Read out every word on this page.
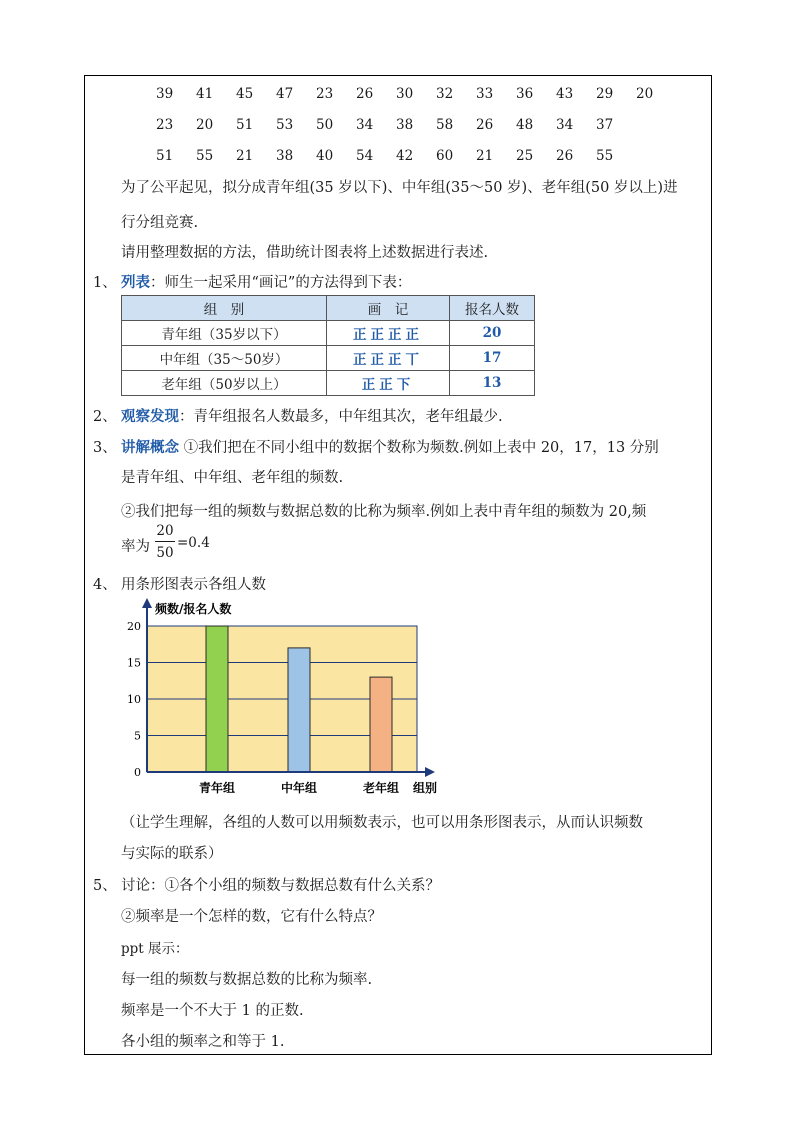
39 41 45 47 23 26 30 32 33 36 43 29 20
23 20 51 53 50 34 38 58 26 48 34 37
51 55 21 38 40 54 42 60 21 25 26 55
为了公平起见，拟分成青年组(35 岁以下)、中年组(35～50 岁)、老年组(50 岁以上)进
行分组竞赛.
请用整理数据的方法，借助统计图表将上述数据进行表述.
1、 列表：师生一起采用“画记”的方法得到下表：
组　别	画　记	报名人数
青年组（35岁以下）	正正正正	20
中年组（35～50岁）	正正正丅	17
老年组（50岁以上）	正正下	13
2、 观察发现：青年组报名人数最多，中年组其次，老年组最少.
3、 讲解概念 ①我们把在不同小组中的数据个数称为频数.例如上表中 20，17，13 分别
是青年组、中年组、老年组的频数.
②我们把每一组的频数与数据总数的比称为频率.例如上表中青年组的频数为 20,频
率为
20
50
=0.4
4、 用条形图表示各组人数
0
5
10
15
20
青年组	中年组	老年组
频数/报名人数
组别
（让学生理解，各组的人数可以用频数表示，也可以用条形图表示，从而认识频数
与实际的联系）
5、 讨论：①各个小组的频数与数据总数有什么关系？
②频率是一个怎样的数，它有什么特点？
ppt 展示：
每一组的频数与数据总数的比称为频率.
频率是一个不大于 1 的正数.
各小组的频率之和等于 1.
